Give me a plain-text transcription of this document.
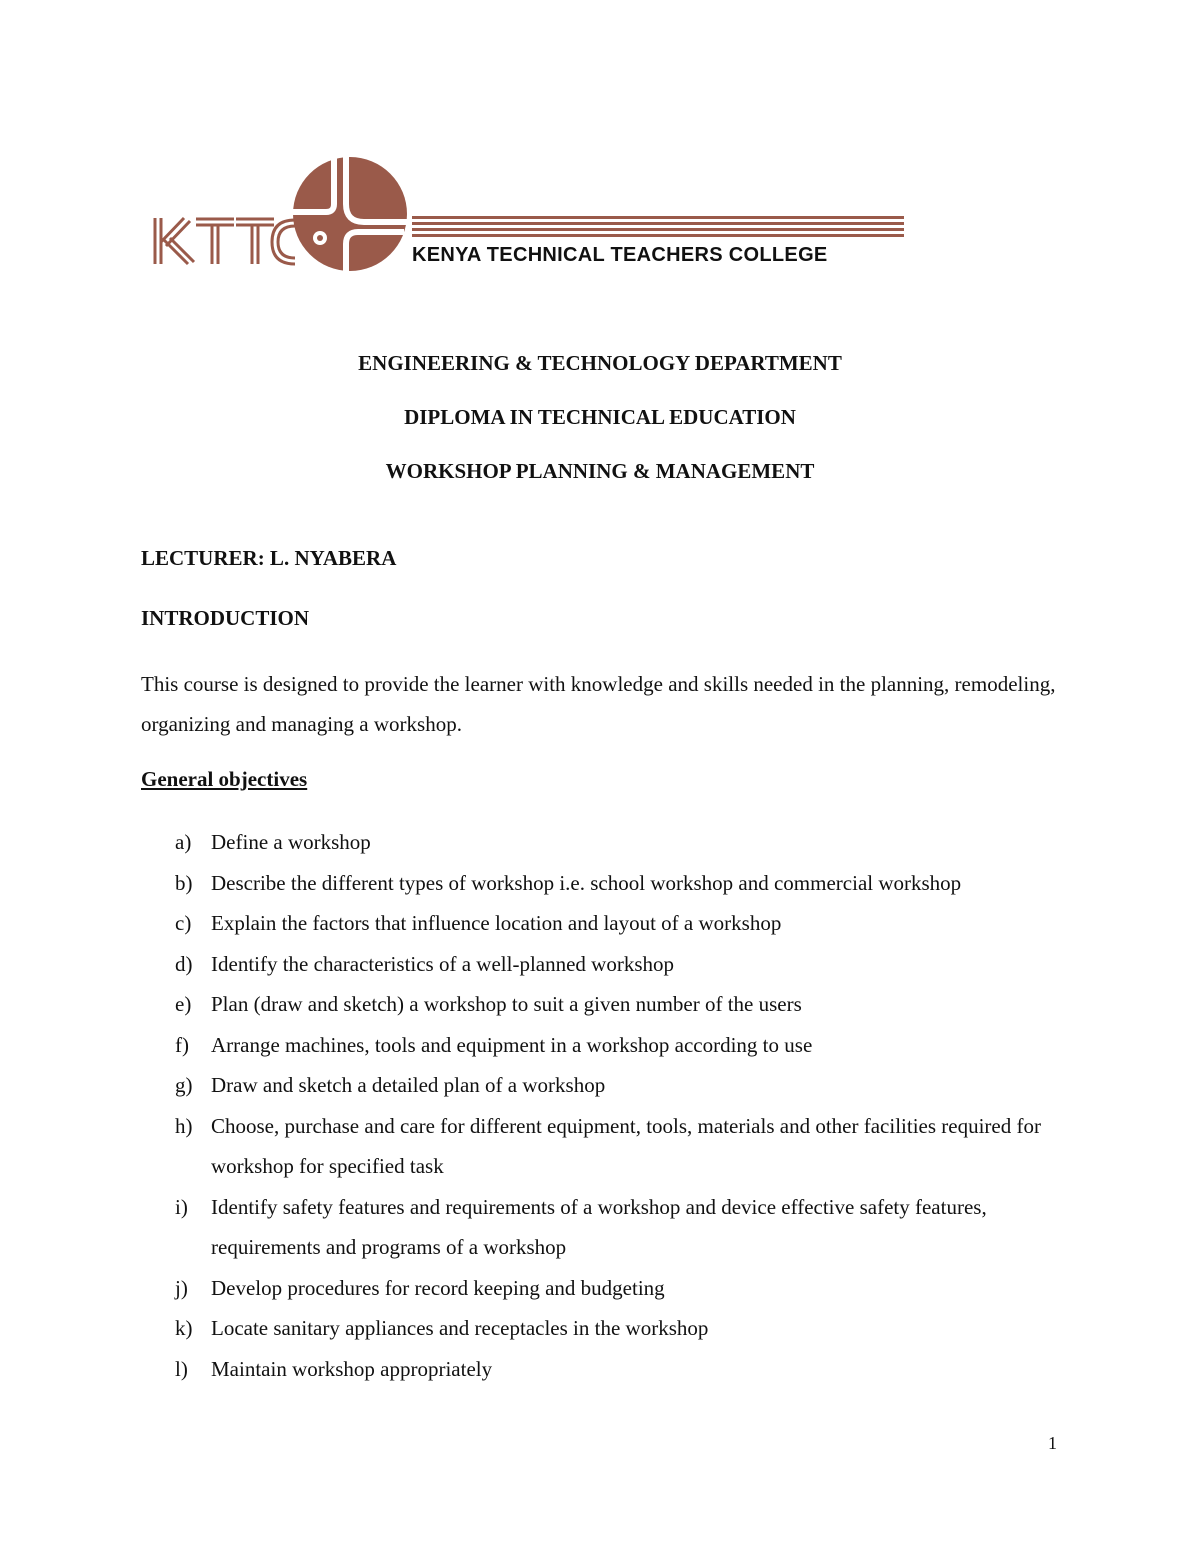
KENYA TECHNICAL TEACHERS COLLEGE
ENGINEERING & TECHNOLOGY DEPARTMENT
DIPLOMA IN TECHNICAL EDUCATION
WORKSHOP PLANNING & MANAGEMENT
LECTURER: L. NYABERA
INTRODUCTION
This course is designed to provide the learner with knowledge and skills needed in the planning, remodeling, organizing and managing a workshop.
General objectives
a) Define a workshop
b) Describe the different types of workshop i.e. school workshop and commercial workshop
c) Explain the factors that influence location and layout of a workshop
d) Identify the characteristics of a well-planned workshop
e) Plan (draw and sketch) a workshop to suit a given number of the users
f) Arrange machines, tools and equipment in a workshop according to use
g) Draw and sketch a detailed plan of a workshop
h) Choose, purchase and care for different equipment, tools, materials and other facilities required for workshop for specified task
i) Identify safety features and requirements of a workshop and device effective safety features, requirements and programs of a workshop
j) Develop procedures for record keeping and budgeting
k) Locate sanitary appliances and receptacles in the workshop
l) Maintain workshop appropriately
1
